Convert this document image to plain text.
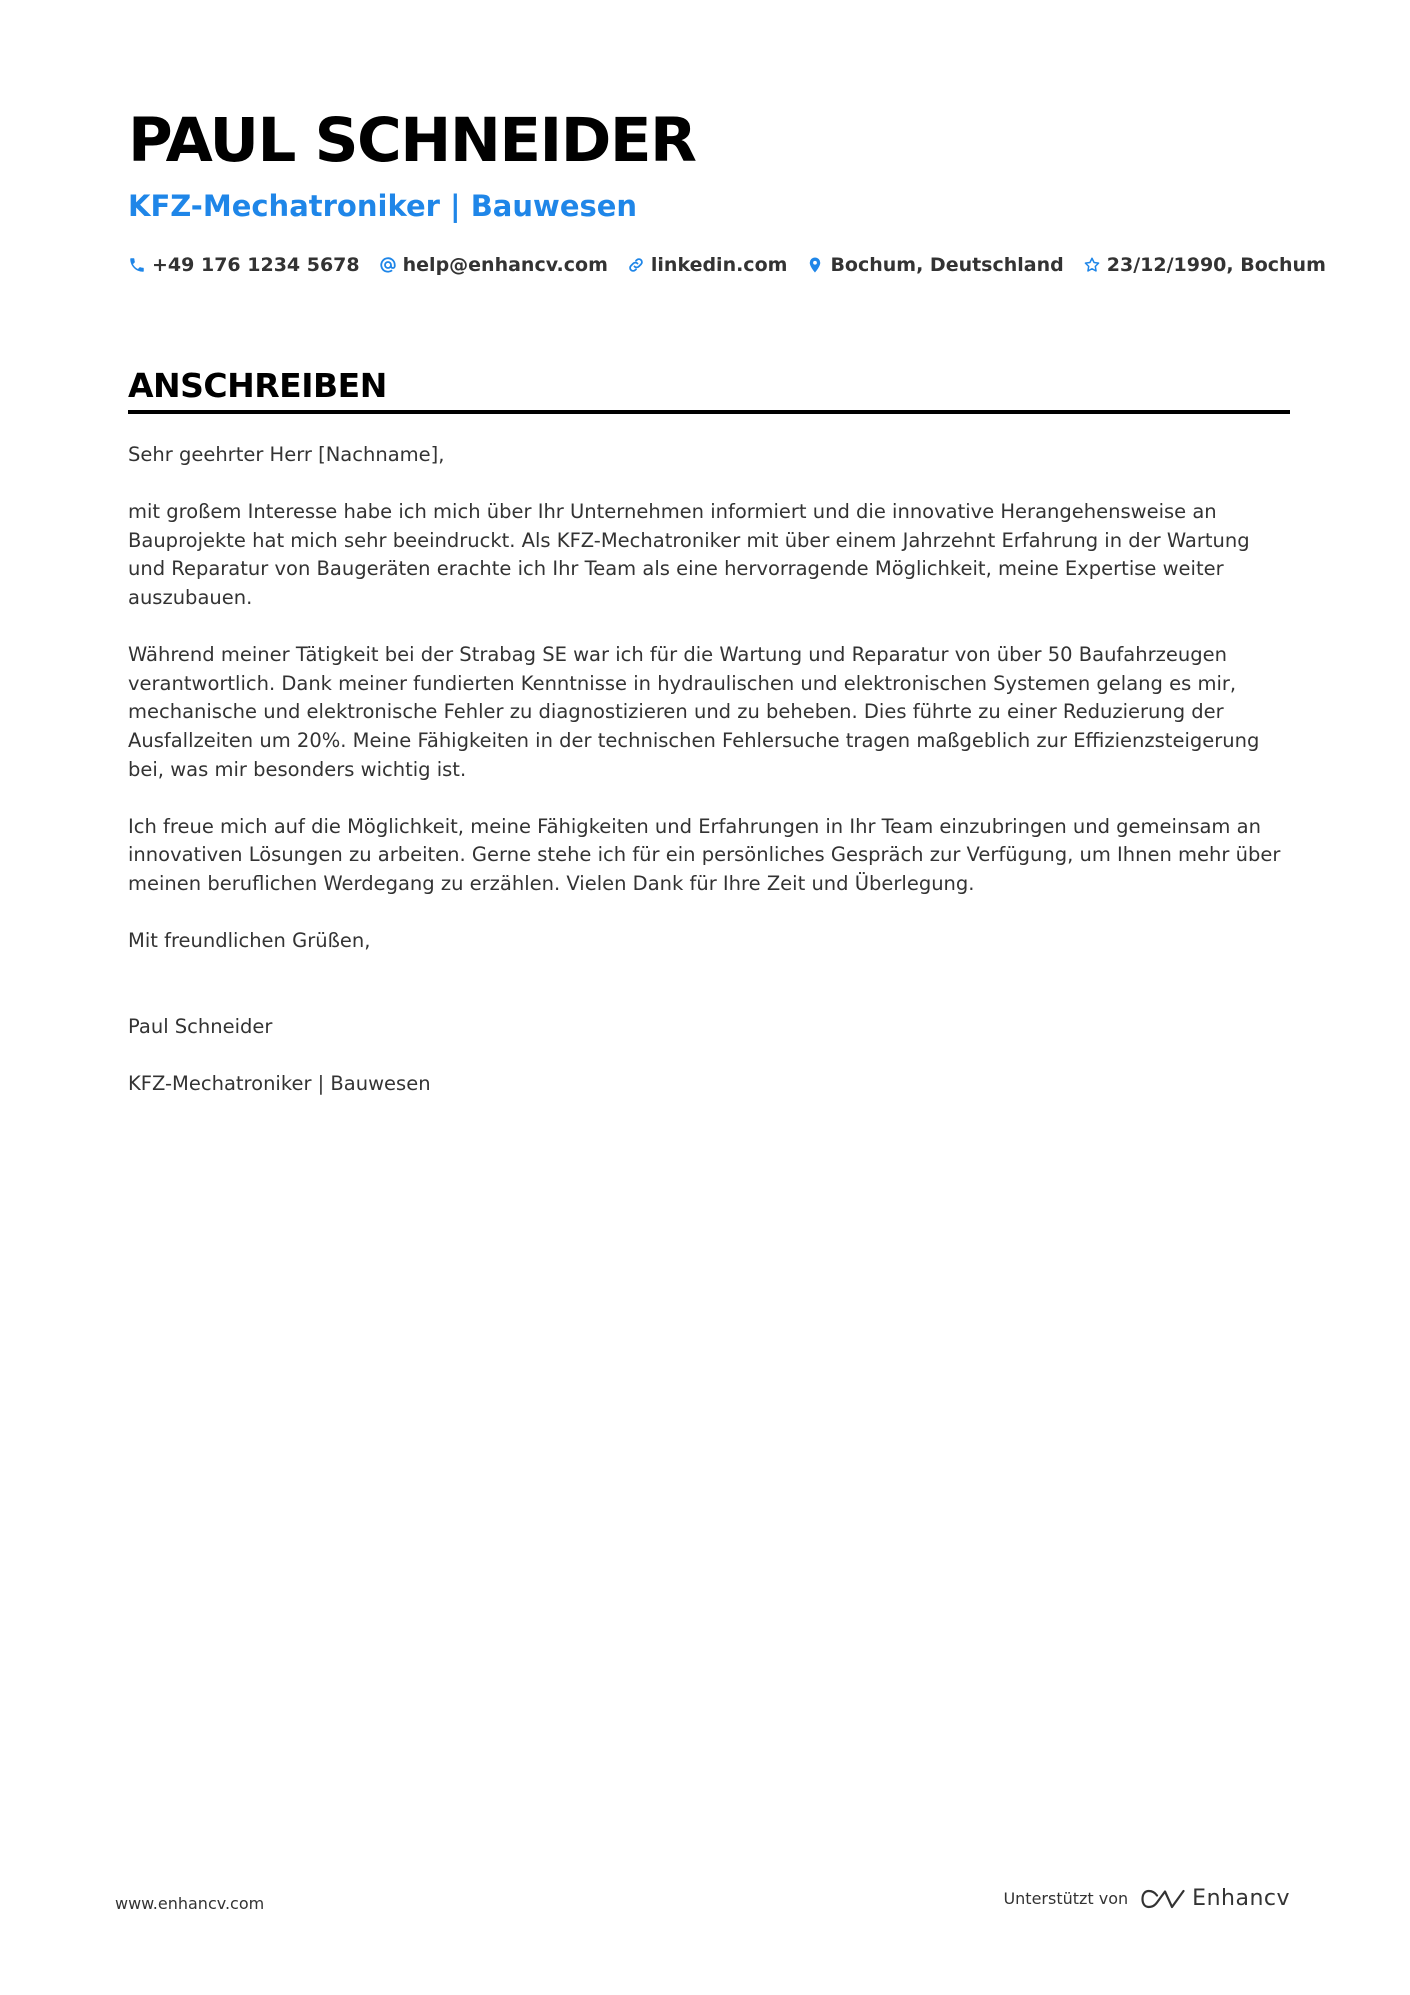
PAUL SCHNEIDER
KFZ-Mechatroniker | Bauwesen
+49 176 1234 5678 help@enhancv.com linkedin.com Bochum, Deutschland 23/12/1990, Bochum
ANSCHREIBEN

Sehr geehrter Herr [Nachname],

mit großem Interesse habe ich mich über Ihr Unternehmen informiert und die innovative Herangehensweise an Bauprojekte hat mich sehr beeindruckt. Als KFZ-Mechatroniker mit über einem Jahrzehnt Erfahrung in der Wartung und Reparatur von Baugeräten erachte ich Ihr Team als eine hervorragende Möglichkeit, meine Expertise weiter auszubauen.

Während meiner Tätigkeit bei der Strabag SE war ich für die Wartung und Reparatur von über 50 Baufahrzeugen verantwortlich. Dank meiner fundierten Kenntnisse in hydraulischen und elektronischen Systemen gelang es mir, mechanische und elektronische Fehler zu diagnostizieren und zu beheben. Dies führte zu einer Reduzierung der Ausfallzeiten um 20%. Meine Fähigkeiten in der technischen Fehlersuche tragen maßgeblich zur Effizienzsteigerung bei, was mir besonders wichtig ist.

Ich freue mich auf die Möglichkeit, meine Fähigkeiten und Erfahrungen in Ihr Team einzubringen und gemeinsam an innovativen Lösungen zu arbeiten. Gerne stehe ich für ein persönliches Gespräch zur Verfügung, um Ihnen mehr über meinen beruflichen Werdegang zu erzählen. Vielen Dank für Ihre Zeit und Überlegung.

Mit freundlichen Grüßen,

Paul Schneider

KFZ-Mechatroniker | Bauwesen

www.enhancv.com	Unterstützt von	Enhancv
